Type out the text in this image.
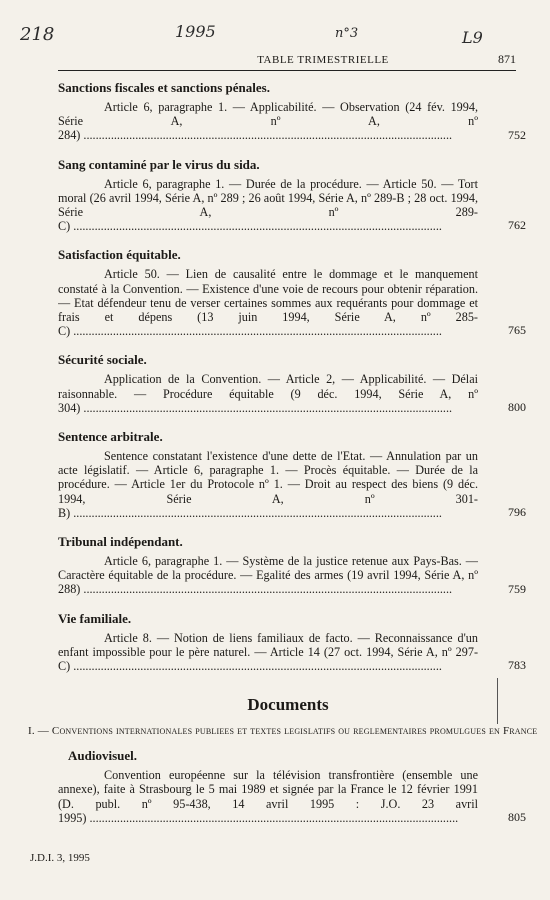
218	1995	n°3	L9
TABLE TRIMESTRIELLE	871
Sanctions fiscales et sanctions pénales.
Article 6, paragraphe 1. — Applicabilité. — Observation (24 fév. 1994, Série A, nº A, nº 284) .....	752
Sang contaminé par le virus du sida.
Article 6, paragraphe 1. — Durée de la procédure. — Article 50. — Tort moral (26 avril 1994, Série A, nº 289 ; 26 août 1994, Série A, nº 289-B ; 28 oct. 1994, Série A, nº 289-C) .....	762
Satisfaction équitable.
Article 50. — Lien de causalité entre le dommage et le manquement constaté à la Convention. — Existence d'une voie de recours pour obtenir réparation. — Etat défendeur tenu de verser certaines sommes aux requérants pour dommage et frais et dépens (13 juin 1994, Série A, nº 285-C) .....	765
Sécurité sociale.
Application de la Convention. — Article 2, — Applicabilité. — Délai raisonnable. — Procédure équitable (9 déc. 1994, Série A, nº 304) .....	800
Sentence arbitrale.
Sentence constatant l'existence d'une dette de l'Etat. — Annulation par un acte législatif. — Article 6, paragraphe 1. — Procès équitable. — Durée de la procédure. — Article 1er du Protocole nº 1. — Droit au respect des biens (9 déc. 1994, Série A, nº 301-B) .....	796
Tribunal indépendant.
Article 6, paragraphe 1. — Système de la justice retenue aux Pays-Bas. — Caractère équitable de la procédure. — Egalité des armes (19 avril 1994, Série A, nº 288) .....	759
Vie familiale.
Article 8. — Notion de liens familiaux de facto. — Reconnaissance d'un enfant impossible pour le père naturel. — Article 14 (27 oct. 1994, Série A, nº 297-C) .....	783
Documents
I. — Conventions internationales publiees et textes legislatifs ou reglementaires promulgues en France
Audiovisuel.
Convention européenne sur la télévision transfrontière (ensemble une annexe), faite à Strasbourg le 5 mai 1989 et signée par la France le 12 février 1991 (D. publ. nº 95-438, 14 avril 1995 : J.O. 23 avril 1995) .....	805
J.D.I. 3, 1995
